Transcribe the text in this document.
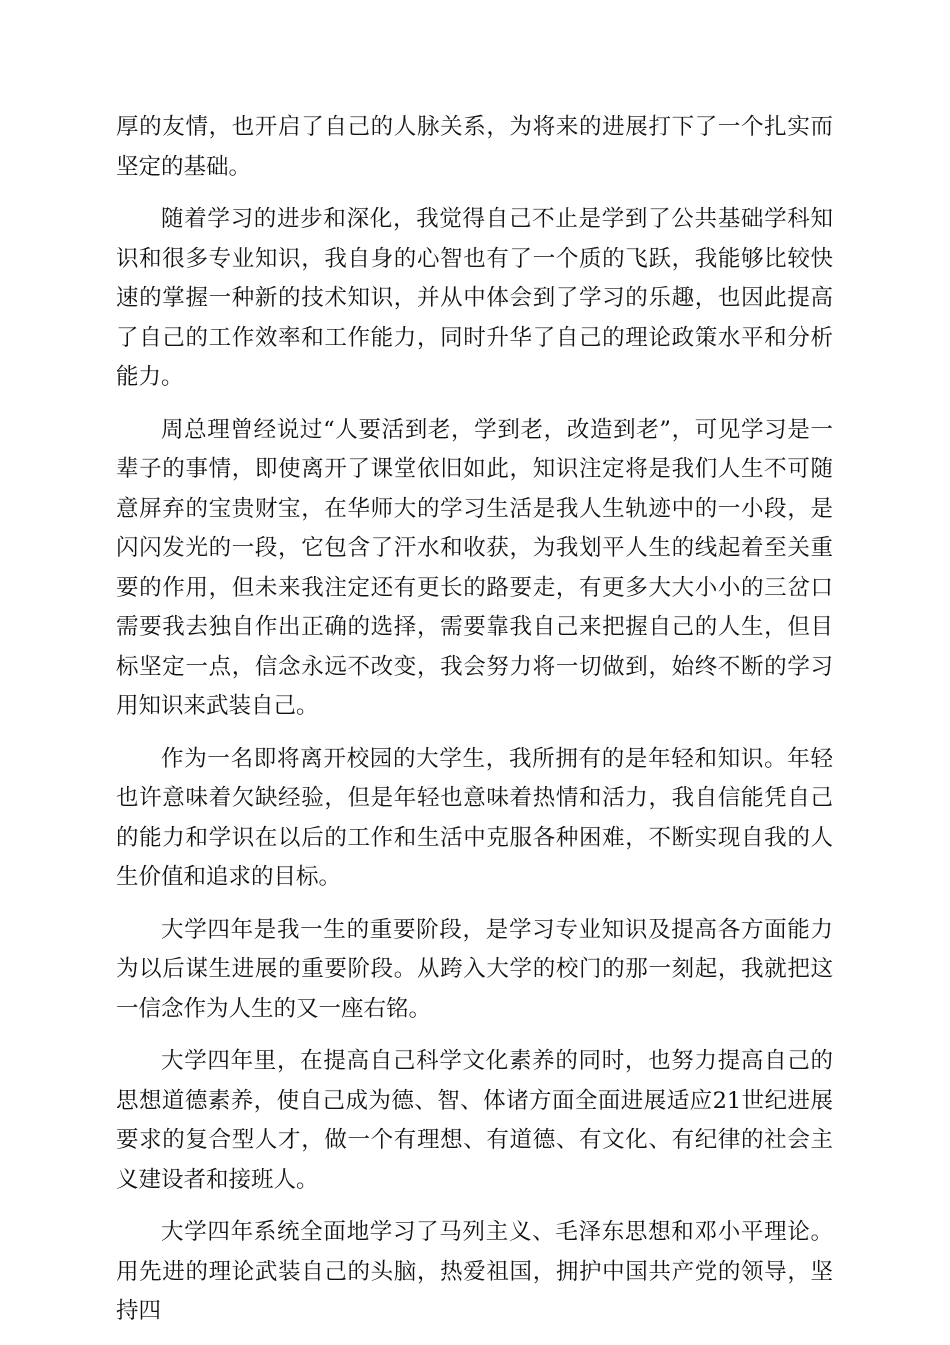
厚的友情，也开启了自己的人脉关系，为将来的进展打下了一个扎实而坚定的基础。

随着学习的进步和深化，我觉得自己不止是学到了公共基础学科知识和很多专业知识，我自身的心智也有了一个质的飞跃，我能够比较快速的掌握一种新的技术知识，并从中体会到了学习的乐趣，也因此提高了自己的工作效率和工作能力，同时升华了自己的理论政策水平和分析能力。

周总理曾经说过“人要活到老，学到老，改造到老”，可见学习是一辈子的事情，即使离开了课堂依旧如此，知识注定将是我们人生不可随意屏弃的宝贵财宝，在华师大的学习生活是我人生轨迹中的一小段，是闪闪发光的一段，它包含了汗水和收获，为我划平人生的线起着至关重要的作用，但未来我注定还有更长的路要走，有更多大大小小的三岔口需要我去独自作出正确的选择，需要靠我自己来把握自己的人生，但目标坚定一点，信念永远不改变，我会努力将一切做到，始终不断的学习用知识来武装自己。

作为一名即将离开校园的大学生，我所拥有的是年轻和知识。年轻也许意味着欠缺经验，但是年轻也意味着热情和活力，我自信能凭自己的能力和学识在以后的工作和生活中克服各种困难，不断实现自我的人生价值和追求的目标。

大学四年是我一生的重要阶段，是学习专业知识及提高各方面能力为以后谋生进展的重要阶段。从跨入大学的校门的那一刻起，我就把这一信念作为人生的又一座右铭。

大学四年里，在提高自己科学文化素养的同时，也努力提高自己的思想道德素养，使自己成为德、智、体诸方面全面进展适应21世纪进展要求的复合型人才，做一个有理想、有道德、有文化、有纪律的社会主义建设者和接班人。

大学四年系统全面地学习了马列主义、毛泽东思想和邓小平理论。用先进的理论武装自己的头脑，热爱祖国，拥护中国共产党的领导，坚持四
